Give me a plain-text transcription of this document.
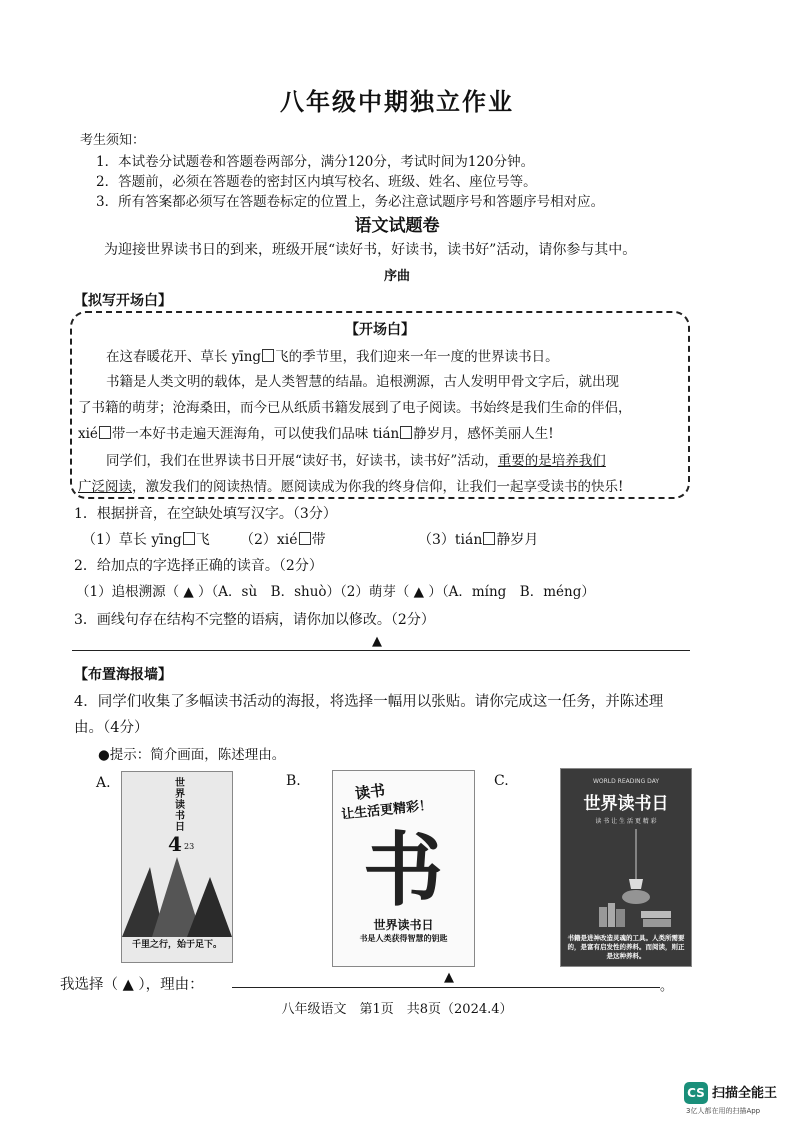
八年级中期独立作业
考生须知：
1．本试卷分试题卷和答题卷两部分，满分120分，考试时间为120分钟。
2．答题前，必须在答题卷的密封区内填写校名、班级、姓名、座位号等。
3．所有答案都必须写在答题卷标定的位置上，务必注意试题序号和答题序号相对应。
语文试题卷
为迎接世界读书日的到来，班级开展“读好书，好读书，读书好”活动，请你参与其中。
序曲
【拟写开场白】
【开场白】
在这春暖花开、草长 yīng 飞的季节里，我们迎来一年一度的世界读书日。
书籍是人类文明的载体，是人类智慧的结晶。追根溯源，古人发明甲骨文字后，就出现
了书籍的萌芽；沧海桑田，而今已从纸质书籍发展到了电子阅读。书始终是我们生命的伴侣，
xié 带一本好书走遍天涯海角，可以使我们品味 tián 静岁月，感怀美丽人生!
同学们，我们在世界读书日开展“读好书，好读书，读书好”活动，重要的是培养我们
广泛阅读，激发我们的阅读热情。愿阅读成为你我的终身信仰，让我们一起享受读书的快乐!
1．根据拼音，在空缺处填写汉字。（3分）
（1）草长 yīng 飞 （2）xié 带	（3）tián 静岁月
2．给加点的字选择正确的读音。（2分）
（1）追根溯源（ ▲ ）（A．sù　B．shuò）（2）萌芽（ ▲ ）（A．míng　B．méng）
3．画线句存在结构不完整的语病，请你加以修改。（2分）
▲
【布置海报墙】
4．同学们收集了多幅读书活动的海报，将选择一幅用以张贴。请你完成这一任务，并陈述理
由。（4分）
●提示：简介画面，陈述理由。
A.	B.	C.
世界读书日
4 23
千里之行，始于足下。
读书
让生活更精彩！
书
世界读书日
书是人类获得智慧的钥匙
WORLD READING DAY
世界读书日
读 书 让 生 活 更 精 彩
书籍是进神改造灵魂的工具。人类所需要的，是富有启发性的养料。而阅读，则正是这种养料。
我选择（ ▲ ），理由：	▲
。
八年级语文　第1页　共8页（2024.4）
CS 扫描全能王
3亿人都在用的扫描App
